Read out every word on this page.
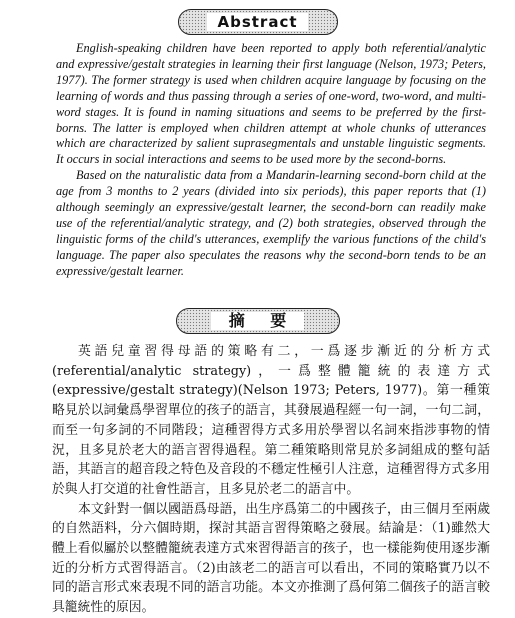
Abstract

English-speaking children have been reported to apply both referential/analytic and expressive/gestalt strategies in learning their first language (Nelson, 1973; Peters, 1977). The former strategy is used when children acquire language by focusing on the learning of words and thus passing through a series of one-word, two-word, and multi-word stages. It is found in naming situations and seems to be preferred by the first-borns. The latter is employed when children attempt at whole chunks of utterances which are characterized by salient suprasegmentals and unstable linguistic segments. It occurs in social interactions and seems to be used more by the second-borns.

Based on the naturalistic data from a Mandarin-learning second-born child at the age from 3 months to 2 years (divided into six periods), this paper reports that (1) although seemingly an expressive/gestalt learner, the second-born can readily make use of the referential/analytic strategy, and (2) both strategies, observed through the linguistic forms of the child's utterances, exemplify the various functions of the child's language. The paper also speculates the reasons why the second-born tends to be an expressive/gestalt learner.

摘 要

英語兒童習得母語的策略有二，一爲逐步漸近的分析方式(referential/analytic strategy)，一爲整體籠統的表達方式(expressive/gestalt strategy)(Nelson 1973; Peters, 1977)。第一種策略見於以詞彙爲學習單位的孩子的語言，其發展過程經一句一詞，一句二詞，而至一句多詞的不同階段；這種習得方式多用於學習以名詞來指涉事物的情況，且多見於老大的語言習得過程。第二種策略則常見於多詞組成的整句話語，其語言的超音段之特色及音段的不穩定性極引人注意，這種習得方式多用於與人打交道的社會性語言，且多見於老二的語言中。

本文針對一個以國語爲母語，出生序爲第二的中國孩子，由三個月至兩歲的自然語料，分六個時期，探討其語言習得策略之發展。結論是：（1)雖然大體上看似屬於以整體籠統表達方式來習得語言的孩子，也一樣能夠使用逐步漸近的分析方式習得語言。（2)由該老二的語言可以看出，不同的策略實乃以不同的語言形式來表現不同的語言功能。本文亦推測了爲何第二個孩子的語言較具籠統性的原因。
